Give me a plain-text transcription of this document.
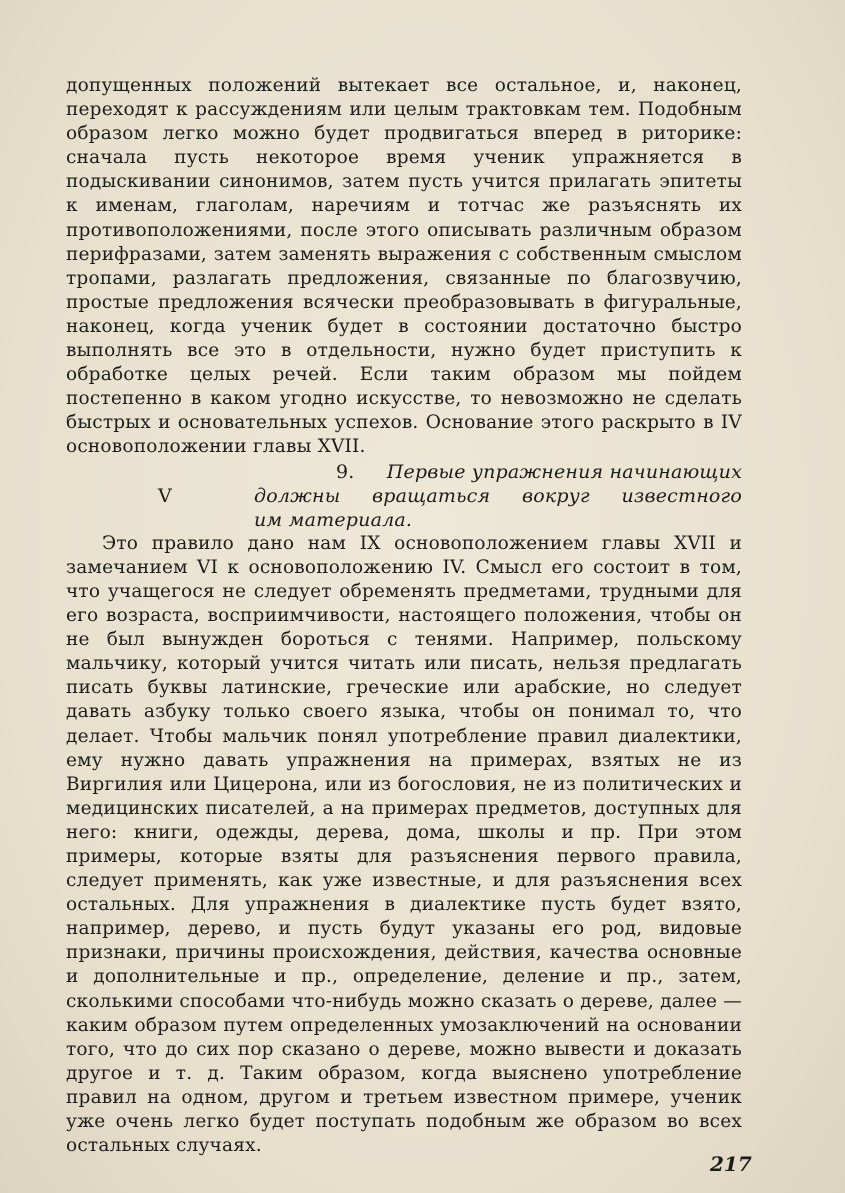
допущенных положений вытекает все остальное, и, наконец, переходят к рассуждениям или целым трактовкам тем. Подобным образом легко можно будет продвигаться вперед в риторике: сначала пусть некоторое время ученик упражняется в подыскивании синонимов, затем пусть учится прилагать эпитеты к именам, глаголам, наречиям и тотчас же разъяснять их противоположениями, после этого описывать различным образом перифразами, затем заменять выражения с собственным смыслом тропами, разлагать предложения, связанные по благозвучию, простые предложения всячески преобразовывать в фигуральные, наконец, когда ученик будет в состоянии достаточно быстро выполнять все это в отдельности, нужно будет приступить к обработке целых речей. Если таким образом мы пойдем постепенно в каком угодно искусстве, то невозможно не сделать быстрых и основательных успехов. Основание этого раскрыто в IV основоположении главы XVII.

9.	Первые упражнения начинающих
V	должны вращаться вокруг известного
им материала.

Это правило дано нам IX основоположением главы XVII и замечанием VI к основоположению IV. Смысл его состоит в том, что учащегося не следует обременять предметами, трудными для его возраста, восприимчивости, настоящего положения, чтобы он не был вынужден бороться с тенями. Например, польскому мальчику, который учится читать или писать, нельзя предлагать писать буквы латинские, греческие или арабские, но следует давать азбуку только своего языка, чтобы он понимал то, что делает. Чтобы мальчик понял употребление правил диалектики, ему нужно давать упражнения на примерах, взятых не из Виргилия или Цицерона, или из богословия, не из политических и медицинских писателей, а на примерах предметов, доступных для него: книги, одежды, дерева, дома, школы и пр. При этом примеры, которые взяты для разъяснения первого правила, следует применять, как уже известные, и для разъяснения всех остальных. Для упражнения в диалектике пусть будет взято, например, дерево, и пусть будут указаны его род, видовые признаки, причины происхождения, действия, качества основные и дополнительные и пр., определение, деление и пр., затем, сколькими способами что-нибудь можно сказать о дереве, далее — каким образом путем определенных умозаключений на основании того, что до сих пор сказано о дереве, можно вывести и доказать другое и т. д. Таким образом, когда выяснено употребление правил на одном, другом и третьем известном примере, ученик уже очень легко будет поступать подобным же образом во всех остальных случаях.

217
